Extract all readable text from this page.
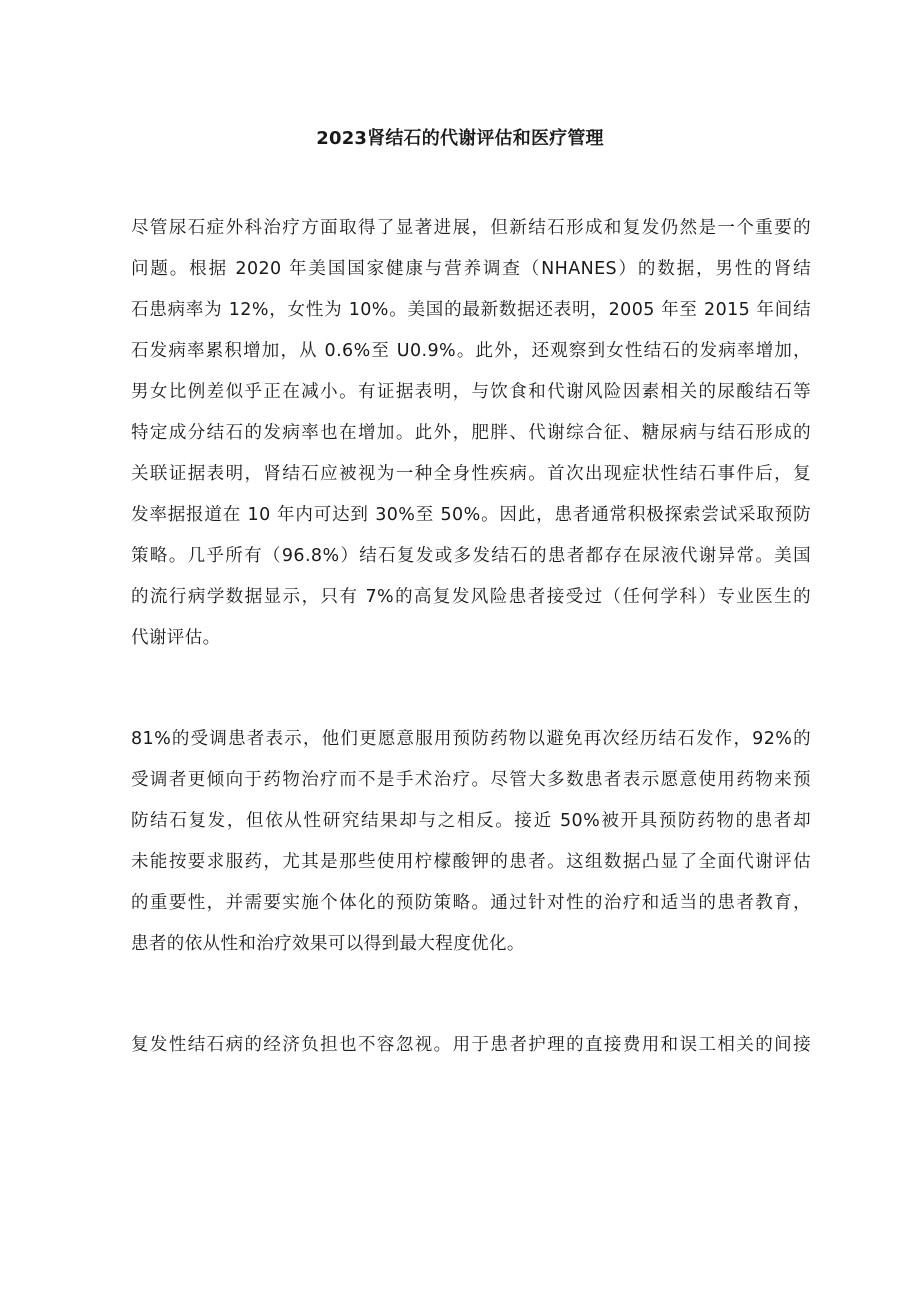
2023肾结石的代谢评估和医疗管理

尽管尿石症外科治疗方面取得了显著进展，但新结石形成和复发仍然是一个重要的
问题。根据 2020 年美国国家健康与营养调查（NHANES）的数据，男性的肾结
石患病率为 12%，女性为 10%。美国的最新数据还表明，2005 年至 2015 年间结
石发病率累积增加，从 0.6%至 U0.9%。此外，还观察到女性结石的发病率增加，
男女比例差似乎正在减小。有证据表明，与饮食和代谢风险因素相关的尿酸结石等
特定成分结石的发病率也在增加。此外，肥胖、代谢综合征、糖尿病与结石形成的
关联证据表明，肾结石应被视为一种全身性疾病。首次出现症状性结石事件后，复
发率据报道在 10 年内可达到 30%至 50%。因此，患者通常积极探索尝试采取预防
策略。几乎所有（96.8%）结石复发或多发结石的患者都存在尿液代谢异常。美国
的流行病学数据显示，只有 7%的高复发风险患者接受过（任何学科）专业医生的
代谢评估。

81%的受调患者表示，他们更愿意服用预防药物以避免再次经历结石发作，92%的
受调者更倾向于药物治疗而不是手术治疗。尽管大多数患者表示愿意使用药物来预
防结石复发，但依从性研究结果却与之相反。接近 50%被开具预防药物的患者却
未能按要求服药，尤其是那些使用柠檬酸钾的患者。这组数据凸显了全面代谢评估
的重要性，并需要实施个体化的预防策略。通过针对性的治疗和适当的患者教育，
患者的依从性和治疗效果可以得到最大程度优化。

复发性结石病的经济负担也不容忽视。用于患者护理的直接费用和误工相关的间接
